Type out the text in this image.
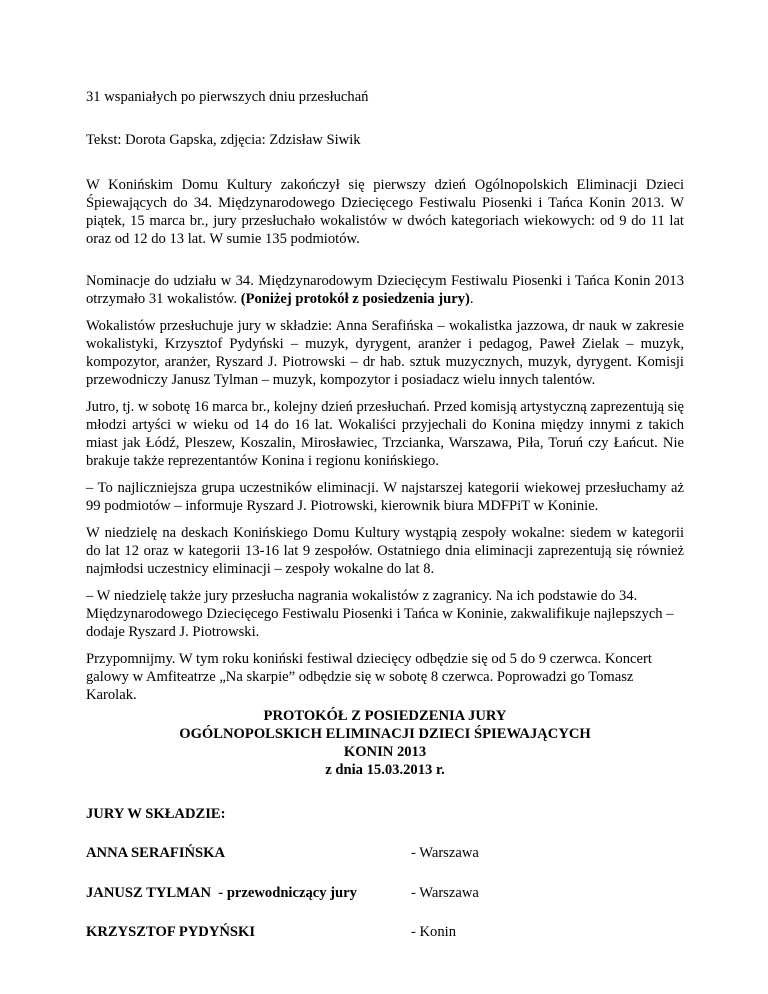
31 wspaniałych po pierwszych dniu przesłuchań

Tekst: Dorota Gapska, zdjęcia: Zdzisław Siwik

W Konińskim Domu Kultury zakończył się pierwszy dzień Ogólnopolskich Eliminacji Dzieci Śpiewających do 34. Międzynarodowego Dziecięcego Festiwalu Piosenki i Tańca Konin 2013. W piątek, 15 marca br., jury przesłuchało wokalistów w dwóch kategoriach wiekowych: od 9 do 11 lat oraz od 12 do 13 lat. W sumie 135 podmiotów.

Nominacje do udziału w 34. Międzynarodowym Dziecięcym Festiwalu Piosenki i Tańca Konin 2013 otrzymało 31 wokalistów. (Poniżej protokół z posiedzenia jury).

Wokalistów przesłuchuje jury w składzie: Anna Serafińska – wokalistka jazzowa, dr nauk w zakresie wokalistyki, Krzysztof Pydyński – muzyk, dyrygent, aranżer i pedagog, Paweł Zielak – muzyk, kompozytor, aranżer, Ryszard J. Piotrowski – dr hab. sztuk muzycznych, muzyk, dyrygent. Komisji przewodniczy Janusz Tylman – muzyk, kompozytor i posiadacz wielu innych talentów.

Jutro, tj. w sobotę 16 marca br., kolejny dzień przesłuchań. Przed komisją artystyczną zaprezentują się młodzi artyści w wieku od 14 do 16 lat. Wokaliści przyjechali do Konina między innymi z takich miast jak Łódź, Pleszew, Koszalin, Mirosławiec, Trzcianka, Warszawa, Piła, Toruń czy Łańcut. Nie brakuje także reprezentantów Konina i regionu konińskiego.

– To najliczniejsza grupa uczestników eliminacji. W najstarszej kategorii wiekowej przesłuchamy aż 99 podmiotów – informuje Ryszard J. Piotrowski, kierownik biura MDFPiT w Koninie.

W niedzielę na deskach Konińskiego Domu Kultury wystąpią zespoły wokalne: siedem w kategorii do lat 12 oraz w kategorii 13-16 lat 9 zespołów. Ostatniego dnia eliminacji zaprezentują się również najmłodsi uczestnicy eliminacji – zespoły wokalne do lat 8.

– W niedzielę także jury przesłucha nagrania wokalistów z zagranicy. Na ich podstawie do 34. Międzynarodowego Dziecięcego Festiwalu Piosenki i Tańca w Koninie, zakwalifikuje najlepszych – dodaje Ryszard J. Piotrowski.

Przypomnijmy. W tym roku koniński festiwal dziecięcy odbędzie się od 5 do 9 czerwca. Koncert galowy w Amfiteatrze „Na skarpie” odbędzie się w sobotę 8 czerwca. Poprowadzi go Tomasz Karolak.

PROTOKÓŁ Z POSIEDZENIA JURY

OGÓLNOPOLSKICH ELIMINACJI DZIECI ŚPIEWAJĄCYCH

KONIN 2013

z dnia 15.03.2013 r.

JURY W SKŁADZIE:

ANNA SERAFIŃSKA	- Warszawa
JANUSZ TYLMAN  - przewodniczący jury	- Warszawa
KRZYSZTOF PYDYŃSKI	- Konin
